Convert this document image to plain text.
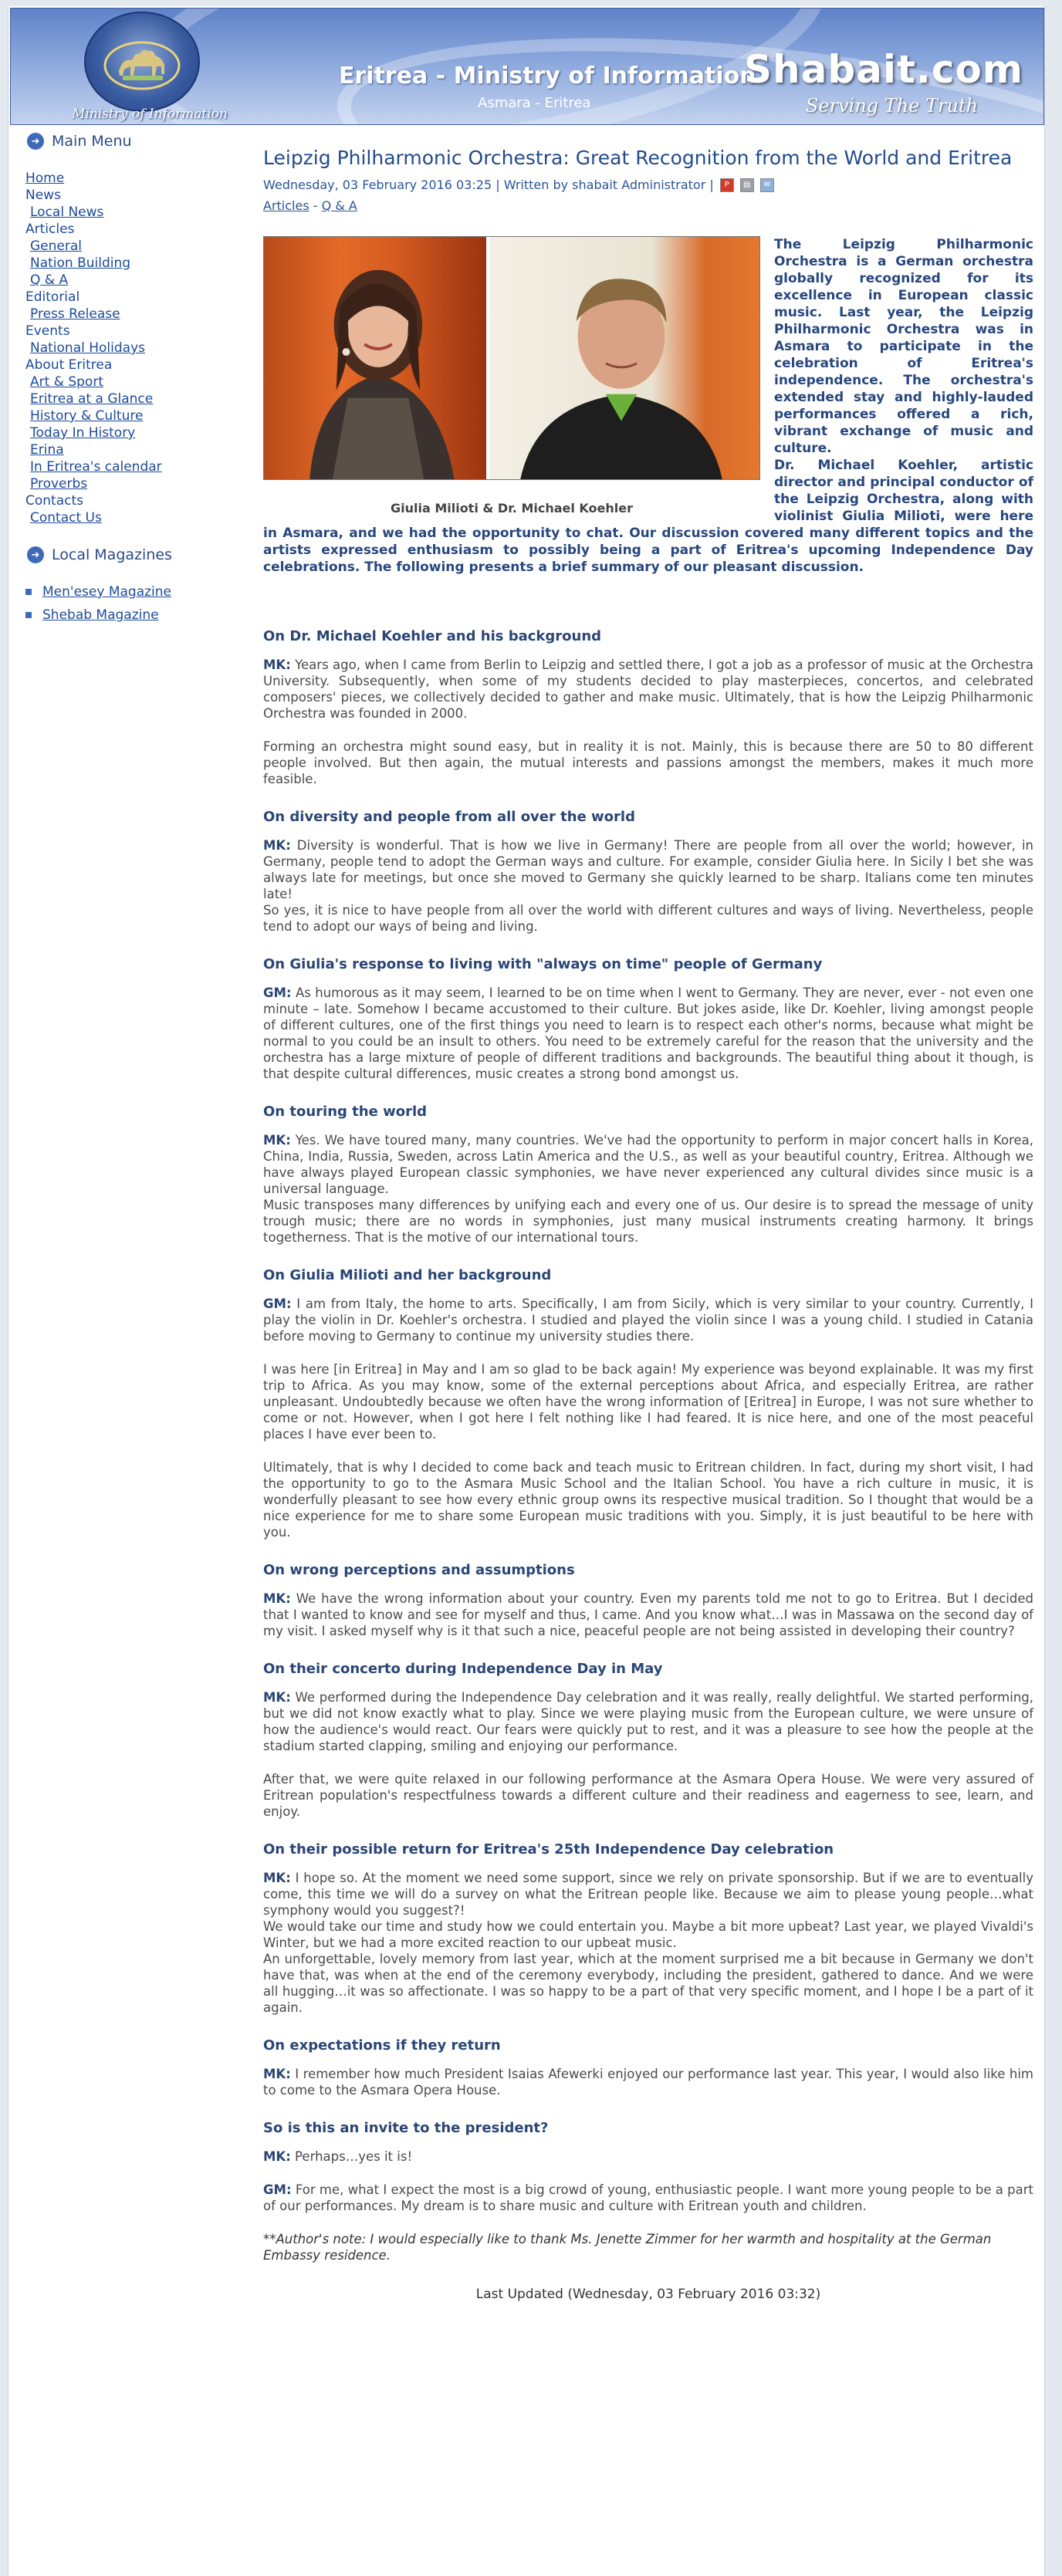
Ministry of Information
Eritrea - Ministry of Information
Asmara - Eritrea
Shabait.com
Serving The Truth
➜ Main Menu
Home
News
Local News
Articles
General
Nation Building
Q & A
Editorial
Press Release
Events
National Holidays
About Eritrea
Art & Sport
Eritrea at a Glance
History & Culture
Today In History
Erina
In Eritrea's calendar
Proverbs
Contacts
Contact Us
➜ Local Magazines
Men'esey Magazine
Shebab Magazine
Leipzig Philharmonic Orchestra: Great Recognition from the World and Eritrea
Wednesday, 03 February 2016 03:25 | Written by shabait Administrator |	P	▤	✉
Articles - Q & A

The Leipzig Philharmonic Orchestra is a German orchestra globally recognized for its excellence in European classic music. Last year, the Leipzig Philharmonic Orchestra was in Asmara to participate in the celebration of Eritrea's independence. The orchestra's extended stay and highly-lauded performances offered a rich, vibrant exchange of music and culture.

Giulia Milioti & Dr. Michael Koehler

Dr. Michael Koehler, artistic director and principal conductor of the Leipzig Orchestra, along with violinist Giulia Milioti, were here in Asmara, and we had the opportunity to chat. Our discussion covered many different topics and the artists expressed enthusiasm to possibly being a part of Eritrea's upcoming Independence Day celebrations. The following presents a brief summary of our pleasant discussion.

On Dr. Michael Koehler and his background

MK: Years ago, when I came from Berlin to Leipzig and settled there, I got a job as a professor of music at the Orchestra University. Subsequently, when some of my students decided to play masterpieces, concertos, and celebrated composers' pieces, we collectively decided to gather and make music. Ultimately, that is how the Leipzig Philharmonic Orchestra was founded in 2000.

Forming an orchestra might sound easy, but in reality it is not. Mainly, this is because there are 50 to 80 different people involved. But then again, the mutual interests and passions amongst the members, makes it much more feasible.

On diversity and people from all over the world

MK: Diversity is wonderful. That is how we live in Germany! There are people from all over the world; however, in Germany, people tend to adopt the German ways and culture. For example, consider Giulia here. In Sicily I bet she was always late for meetings, but once she moved to Germany she quickly learned to be sharp. Italians come ten minutes late!

So yes, it is nice to have people from all over the world with different cultures and ways of living. Nevertheless, people tend to adopt our ways of being and living.

On Giulia's response to living with "always on time" people of Germany

GM: As humorous as it may seem, I learned to be on time when I went to Germany. They are never, ever - not even one minute – late. Somehow I became accustomed to their culture. But jokes aside, like Dr. Koehler, living amongst people of different cultures, one of the first things you need to learn is to respect each other's norms, because what might be normal to you could be an insult to others. You need to be extremely careful for the reason that the university and the orchestra has a large mixture of people of different traditions and backgrounds. The beautiful thing about it though, is that despite cultural differences, music creates a strong bond amongst us.

On touring the world

MK: Yes. We have toured many, many countries. We've had the opportunity to perform in major concert halls in Korea, China, India, Russia, Sweden, across Latin America and the U.S., as well as your beautiful country, Eritrea. Although we have always played European classic symphonies, we have never experienced any cultural divides since music is a universal language.

Music transposes many differences by unifying each and every one of us. Our desire is to spread the message of unity trough music; there are no words in symphonies, just many musical instruments creating harmony. It brings togetherness. That is the motive of our international tours.

On Giulia Milioti and her background

GM: I am from Italy, the home to arts. Specifically, I am from Sicily, which is very similar to your country. Currently, I play the violin in Dr. Koehler's orchestra. I studied and played the violin since I was a young child. I studied in Catania before moving to Germany to continue my university studies there.

I was here [in Eritrea] in May and I am so glad to be back again! My experience was beyond explainable. It was my first trip to Africa. As you may know, some of the external perceptions about Africa, and especially Eritrea, are rather unpleasant. Undoubtedly because we often have the wrong information of [Eritrea] in Europe, I was not sure whether to come or not. However, when I got here I felt nothing like I had feared. It is nice here, and one of the most peaceful places I have ever been to.

Ultimately, that is why I decided to come back and teach music to Eritrean children. In fact, during my short visit, I had the opportunity to go to the Asmara Music School and the Italian School. You have a rich culture in music, it is wonderfully pleasant to see how every ethnic group owns its respective musical tradition. So I thought that would be a nice experience for me to share some European music traditions with you. Simply, it is just beautiful to be here with you.

On wrong perceptions and assumptions

MK: We have the wrong information about your country. Even my parents told me not to go to Eritrea. But I decided that I wanted to know and see for myself and thus, I came. And you know what…I was in Massawa on the second day of my visit. I asked myself why is it that such a nice, peaceful people are not being assisted in developing their country?

On their concerto during Independence Day in May

MK: We performed during the Independence Day celebration and it was really, really delightful. We started performing, but we did not know exactly what to play. Since we were playing music from the European culture, we were unsure of how the audience's would react. Our fears were quickly put to rest, and it was a pleasure to see how the people at the stadium started clapping, smiling and enjoying our performance.

After that, we were quite relaxed in our following performance at the Asmara Opera House. We were very assured of Eritrean population's respectfulness towards a different culture and their readiness and eagerness to see, learn, and enjoy.

On their possible return for Eritrea's 25th Independence Day celebration

MK: I hope so. At the moment we need some support, since we rely on private sponsorship. But if we are to eventually come, this time we will do a survey on what the Eritrean people like. Because we aim to please young people…what symphony would you suggest?!

We would take our time and study how we could entertain you. Maybe a bit more upbeat? Last year, we played Vivaldi's Winter, but we had a more excited reaction to our upbeat music.

An unforgettable, lovely memory from last year, which at the moment surprised me a bit because in Germany we don't have that, was when at the end of the ceremony everybody, including the president, gathered to dance. And we were all hugging…it was so affectionate. I was so happy to be a part of that very specific moment, and I hope I be a part of it again.

On expectations if they return

MK: I remember how much President Isaias Afewerki enjoyed our performance last year. This year, I would also like him to come to the Asmara Opera House.

So is this an invite to the president?

MK: Perhaps…yes it is!

GM: For me, what I expect the most is a big crowd of young, enthusiastic people. I want more young people to be a part of our performances. My dream is to share music and culture with Eritrean youth and children.

**Author's note: I would especially like to thank Ms. Jenette Zimmer for her warmth and hospitality at the German Embassy residence.
Last Updated (Wednesday, 03 February 2016 03:32)
